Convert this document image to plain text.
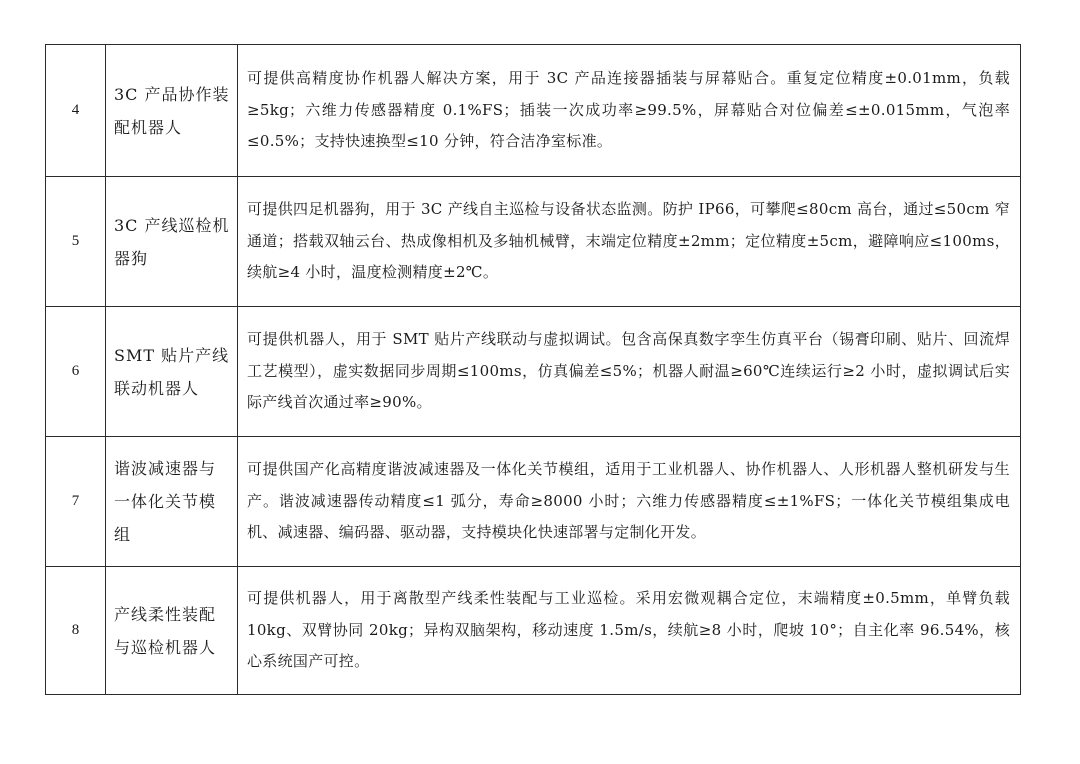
4	3C 产品协作装配机器人	可提供高精度协作机器人解决方案，用于 3C 产品连接器插装与屏幕贴合。重复定位精度±0.01mm，负载≥5kg；六维力传感器精度 0.1%FS；插装一次成功率≥99.5%，屏幕贴合对位偏差≤±0.015mm，气泡率≤0.5%；支持快速换型≤10 分钟，符合洁净室标准。

5	3C 产线巡检机器狗	可提供四足机器狗，用于 3C 产线自主巡检与设备状态监测。防护 IP66，可攀爬≤80cm 高台，通过≤50cm 窄通道；搭载双轴云台、热成像相机及多轴机械臂，末端定位精度±2mm；定位精度±5cm，避障响应≤100ms，续航≥4 小时，温度检测精度±2℃。

6	SMT 贴片产线联动机器人	可提供机器人，用于 SMT 贴片产线联动与虚拟调试。包含高保真数字孪生仿真平台（锡膏印刷、贴片、回流焊工艺模型），虚实数据同步周期≤100ms，仿真偏差≤5%；机器人耐温≥60℃连续运行≥2 小时，虚拟调试后实际产线首次通过率≥90%。

7	谐波减速器与一体化关节模组	可提供国产化高精度谐波减速器及一体化关节模组，适用于工业机器人、协作机器人、人形机器人整机研发与生产。谐波减速器传动精度≤1 弧分，寿命≥8000 小时；六维力传感器精度≤±1%FS；一体化关节模组集成电机、减速器、编码器、驱动器，支持模块化快速部署与定制化开发。

8	产线柔性装配与巡检机器人	可提供机器人，用于离散型产线柔性装配与工业巡检。采用宏微观耦合定位，末端精度±0.5mm，单臂负载 10kg、双臂协同 20kg；异构双脑架构，移动速度 1.5m/s，续航≥8 小时，爬坡 10°；自主化率 96.54%，核心系统国产可控。
